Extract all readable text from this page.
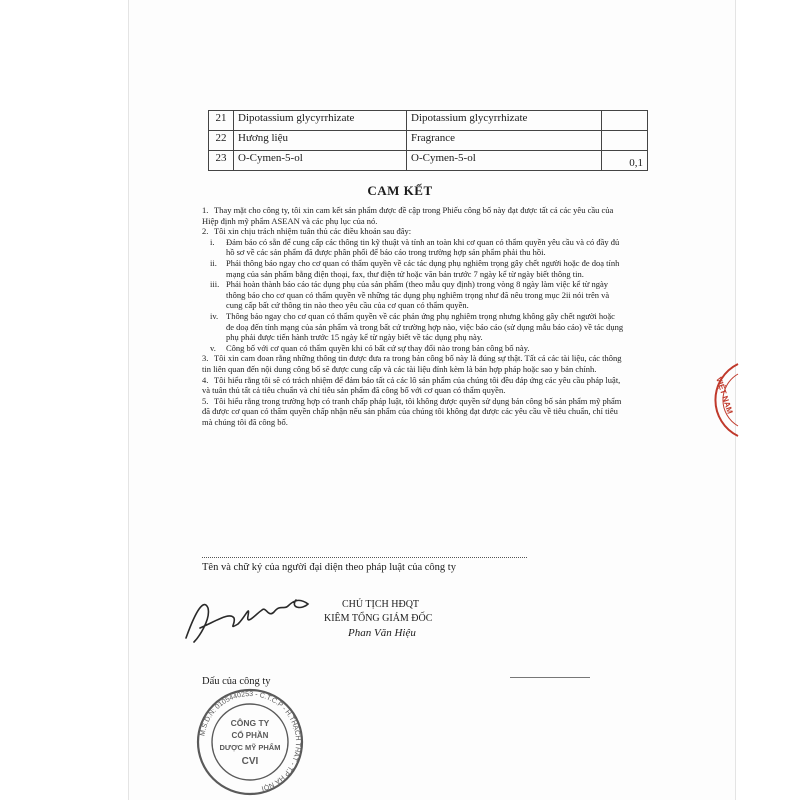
21	Dipotassium glycyrrhizate	Dipotassium glycyrrhizate	
22	Hương liệu	Fragrance	
23	O-Cymen-5-ol	O-Cymen-5-ol	0,1
CAM KẾT

1. Thay mặt cho công ty, tôi xin cam kết sản phẩm được đề cập trong Phiếu công bố này đạt được tất cả các yêu cầu của Hiệp định mỹ phẩm ASEAN và các phụ lục của nó.

2. Tôi xin chịu trách nhiệm tuân thủ các điều khoản sau đây:

i. Đảm bảo có sẵn để cung cấp các thông tin kỹ thuật và tính an toàn khi cơ quan có thẩm quyền yêu cầu và có đầy đủ hồ sơ về các sản phẩm đã được phân phối để báo cáo trong trường hợp sản phẩm phải thu hồi.

ii. Phải thông báo ngay cho cơ quan có thẩm quyền về các tác dụng phụ nghiêm trọng gây chết người hoặc đe doạ tính mạng của sản phẩm bằng điện thoại, fax, thư điện tử hoặc văn bản trước 7 ngày kể từ ngày biết thông tin.

iii. Phải hoàn thành báo cáo tác dụng phụ của sản phẩm (theo mẫu quy định) trong vòng 8 ngày làm việc kể từ ngày thông báo cho cơ quan có thẩm quyền về những tác dụng phụ nghiêm trọng như đã nêu trong mục 2ii nói trên và cung cấp bất cứ thông tin nào theo yêu cầu của cơ quan có thẩm quyền.

iv. Thông báo ngay cho cơ quan có thẩm quyền về các phản ứng phụ nghiêm trọng nhưng không gây chết người hoặc đe doạ đến tính mạng của sản phẩm và trong bất cứ trường hợp nào, việc báo cáo (sử dụng mẫu báo cáo) về tác dụng phụ phải được tiến hành trước 15 ngày kể từ ngày biết về tác dụng phụ này.

v. Công bố với cơ quan có thẩm quyền khi có bất cứ sự thay đổi nào trong bản công bố này.

3. Tôi xin cam đoan rằng những thông tin được đưa ra trong bản công bố này là đúng sự thật. Tất cả các tài liệu, các thông tin liên quan đến nội dung công bố sẽ được cung cấp và các tài liệu đính kèm là bản hợp pháp hoặc sao y bản chính.

4. Tôi hiểu rằng tôi sẽ có trách nhiệm để đảm bảo tất cả các lô sản phẩm của chúng tôi đều đáp ứng các yêu cầu pháp luật, và tuân thủ tất cả tiêu chuẩn và chỉ tiêu sản phẩm đã công bố với cơ quan có thẩm quyền.

5. Tôi hiểu rằng trong trường hợp có tranh chấp pháp luật, tôi không được quyền sử dụng bản công bố sản phẩm mỹ phẩm đã được cơ quan có thẩm quyền chấp nhận nếu sản phẩm của chúng tôi không đạt được các yêu cầu về tiêu chuẩn, chỉ tiêu mà chúng tôi đã công bố.

Tên và chữ ký của người đại diện theo pháp luật của công ty
CHỦ TỊCH HĐQT
KIÊM TỔNG GIÁM ĐỐC
Phan Văn Hiệu
Dấu của công ty
M.S.D.N: 0105440253 - C.T.C.P - H.THẠCH THẤT - T.P HÀ NỘI
CÔNG TY
CỔ PHẦN
DƯỢC MỸ PHẨM
CVI
VIỆT NAM
